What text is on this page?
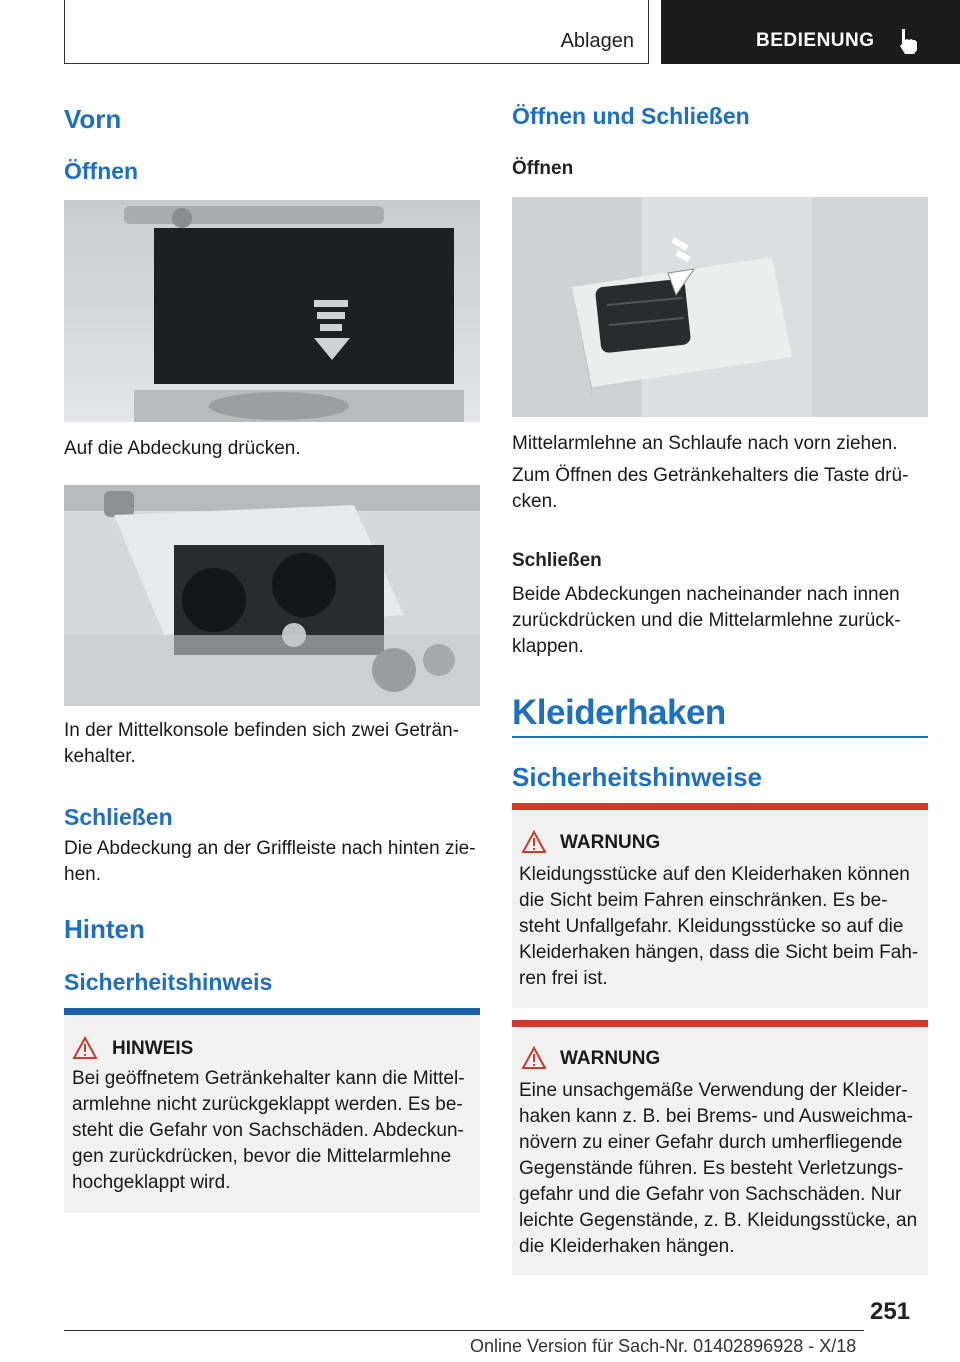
Ablagen	BEDIENUNG
Vorn
Öffnen
Auf die Abdeckung drücken.
In der Mittelkonsole befinden sich zwei Geträn-
kehalter.
Schließen
Die Abdeckung an der Griffleiste nach hinten zie-
hen.
Hinten
Sicherheitshinweis
HINWEIS
Bei geöffnetem Getränkehalter kann die Mittel-
armlehne nicht zurückgeklappt werden. Es be-
steht die Gefahr von Sachschäden. Abdeckun-
gen zurückdrücken, bevor die Mittelarmlehne
hochgeklappt wird.
Öffnen und Schließen
Öffnen
Mittelarmlehne an Schlaufe nach vorn ziehen.
Zum Öffnen des Getränkehalters die Taste drü-
cken.
Schließen
Beide Abdeckungen nacheinander nach innen
zurückdrücken und die Mittelarmlehne zurück-
klappen.
Kleiderhaken
Sicherheitshinweise
WARNUNG
Kleidungsstücke auf den Kleiderhaken können
die Sicht beim Fahren einschränken. Es be-
steht Unfallgefahr. Kleidungsstücke so auf die
Kleiderhaken hängen, dass die Sicht beim Fah-
ren frei ist.
WARNUNG
Eine unsachgemäße Verwendung der Kleider-
haken kann z. B. bei Brems- und Ausweichma-
növern zu einer Gefahr durch umherfliegende
Gegenstände führen. Es besteht Verletzungs-
gefahr und die Gefahr von Sachschäden. Nur
leichte Gegenstände, z. B. Kleidungsstücke, an
die Kleiderhaken hängen.
251
Online Version für Sach-Nr. 01402896928 - X/18
